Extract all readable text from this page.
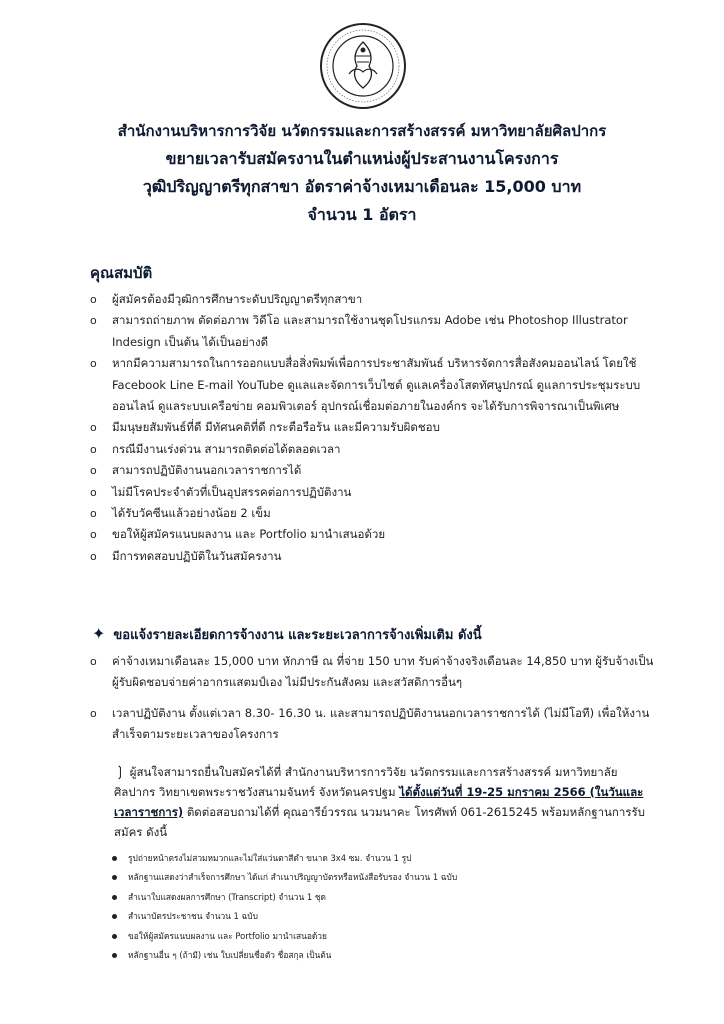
สำนักงานบริหารการวิจัย นวัตกรรมและการสร้างสรรค์ มหาวิทยาลัยศิลปากร
ขยายเวลารับสมัครงานในตำแหน่งผู้ประสานงานโครงการ
วุฒิปริญญาตรีทุกสาขา อัตราค่าจ้างเหมาเดือนละ 15,000 บาท
จำนวน 1 อัตรา
คุณสมบัติ
o ผู้สมัครต้องมีวุฒิการศึกษาระดับปริญญาตรีทุกสาขา
o สามารถถ่ายภาพ ตัดต่อภาพ วิดีโอ และสามารถใช้งานชุดโปรแกรม Adobe เช่น Photoshop Illustrator Indesign เป็นต้น ได้เป็นอย่างดี
o หากมีความสามารถในการออกแบบสื่อสิ่งพิมพ์เพื่อการประชาสัมพันธ์ บริหารจัดการสื่อสังคมออนไลน์ โดยใช้ Facebook Line E-mail YouTube ดูแลและจัดการเว็บไซต์ ดูแลเครื่องโสตทัศนูปกรณ์ ดูแลการประชุมระบบออนไลน์ ดูแลระบบเครือข่าย คอมพิวเตอร์ อุปกรณ์เชื่อมต่อภายในองค์กร จะได้รับการพิจารณาเป็นพิเศษ
o มีมนุษยสัมพันธ์ที่ดี มีทัศนคติที่ดี กระตือรือร้น และมีความรับผิดชอบ
o กรณีมีงานเร่งด่วน สามารถติดต่อได้ตลอดเวลา
o สามารถปฏิบัติงานนอกเวลาราชการได้
o ไม่มีโรคประจำตัวที่เป็นอุปสรรคต่อการปฏิบัติงาน
o ได้รับวัคซีนแล้วอย่างน้อย 2 เข็ม
o ขอให้ผู้สมัครแนบผลงาน และ Portfolio มานำเสนอด้วย
o มีการทดสอบปฏิบัติในวันสมัครงาน
✦ ขอแจ้งรายละเอียดการจ้างงาน และระยะเวลาการจ้างเพิ่มเติม ดังนี้
o ค่าจ้างเหมาเดือนละ 15,000 บาท หักภาษี ณ ที่จ่าย 150 บาท รับค่าจ้างจริงเดือนละ 14,850 บาท ผู้รับจ้างเป็นผู้รับผิดชอบจ่ายค่าอากรแสตมป์เอง ไม่มีประกันสังคม และสวัสดิการอื่นๆ
o เวลาปฏิบัติงาน ตั้งแต่เวลา 8.30- 16.30 น. และสามารถปฏิบัติงานนอกเวลาราชการได้ (ไม่มีโอที) เพื่อให้งานสำเร็จตามระยะเวลาของโครงการ
❳ ผู้สนใจสามารถยื่นใบสมัครได้ที่ สำนักงานบริหารการวิจัย นวัตกรรมและการสร้างสรรค์ มหาวิทยาลัยศิลปากร วิทยาเขตพระราชวังสนามจันทร์ จังหวัดนครปฐม ได้ตั้งแต่วันที่ 19-25 มกราคม 2566 (ในวันและเวลาราชการ) ติดต่อสอบถามได้ที่ คุณอารีย์วรรณ นวมนาคะ โทรศัพท์ 061-2615245 พร้อมหลักฐานการรับสมัคร ดังนี้
รูปถ่ายหน้าตรงไม่สวมหมวกและไม่ใส่แว่นตาสีดำ ขนาด 3x4 ซม. จำนวน 1 รูป
หลักฐานแสดงว่าสำเร็จการศึกษา ได้แก่ สำเนาปริญญาบัตรหรือหนังสือรับรอง จำนวน 1 ฉบับ
สำเนาใบแสดงผลการศึกษา (Transcript) จำนวน 1 ชุด
สำเนาบัตรประชาชน จำนวน 1 ฉบับ
ขอให้ผู้สมัครแนบผลงาน และ Portfolio มานำเสนอด้วย
หลักฐานอื่น ๆ (ถ้ามี) เช่น ใบเปลี่ยนชื่อตัว ชื่อสกุล เป็นต้น
